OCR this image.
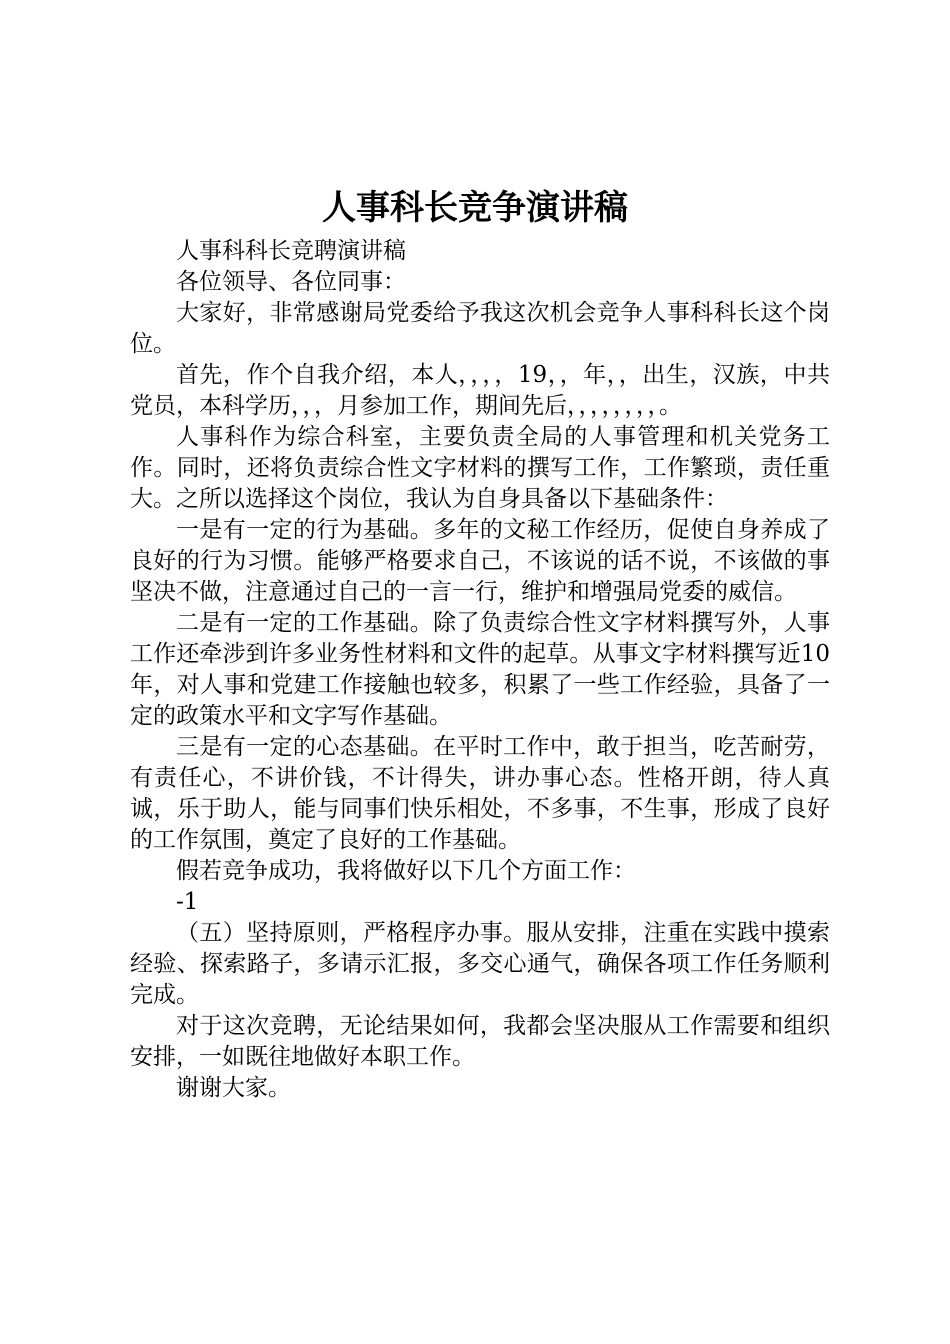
人事科长竞争演讲稿

人事科科长竞聘演讲稿

各位领导、各位同事：

大家好，非常感谢局党委给予我这次机会竞争人事科科长这个岗位。

首先，作个自我介绍，本人，，，，19，，年，，出生，汉族，中共党员，本科学历，，，月参加工作，期间先后，，，，，，，，。

人事科作为综合科室，主要负责全局的人事管理和机关党务工作。同时，还将负责综合性文字材料的撰写工作，工作繁琐，责任重大。之所以选择这个岗位，我认为自身具备以下基础条件：

一是有一定的行为基础。多年的文秘工作经历，促使自身养成了良好的行为习惯。能够严格要求自己，不该说的话不说，不该做的事坚决不做，注意通过自己的一言一行，维护和增强局党委的威信。

二是有一定的工作基础。除了负责综合性文字材料撰写外，人事工作还牵涉到许多业务性材料和文件的起草。从事文字材料撰写近10年，对人事和党建工作接触也较多，积累了一些工作经验，具备了一定的政策水平和文字写作基础。

三是有一定的心态基础。在平时工作中，敢于担当，吃苦耐劳，有责任心，不讲价钱，不计得失，讲办事心态。性格开朗，待人真诚，乐于助人，能与同事们快乐相处，不多事，不生事，形成了良好的工作氛围，奠定了良好的工作基础。

假若竞争成功，我将做好以下几个方面工作：

-1

（五）坚持原则，严格程序办事。服从安排，注重在实践中摸索经验、探索路子，多请示汇报，多交心通气，确保各项工作任务顺利完成。

对于这次竞聘，无论结果如何，我都会坚决服从工作需要和组织安排，一如既往地做好本职工作。

谢谢大家。
